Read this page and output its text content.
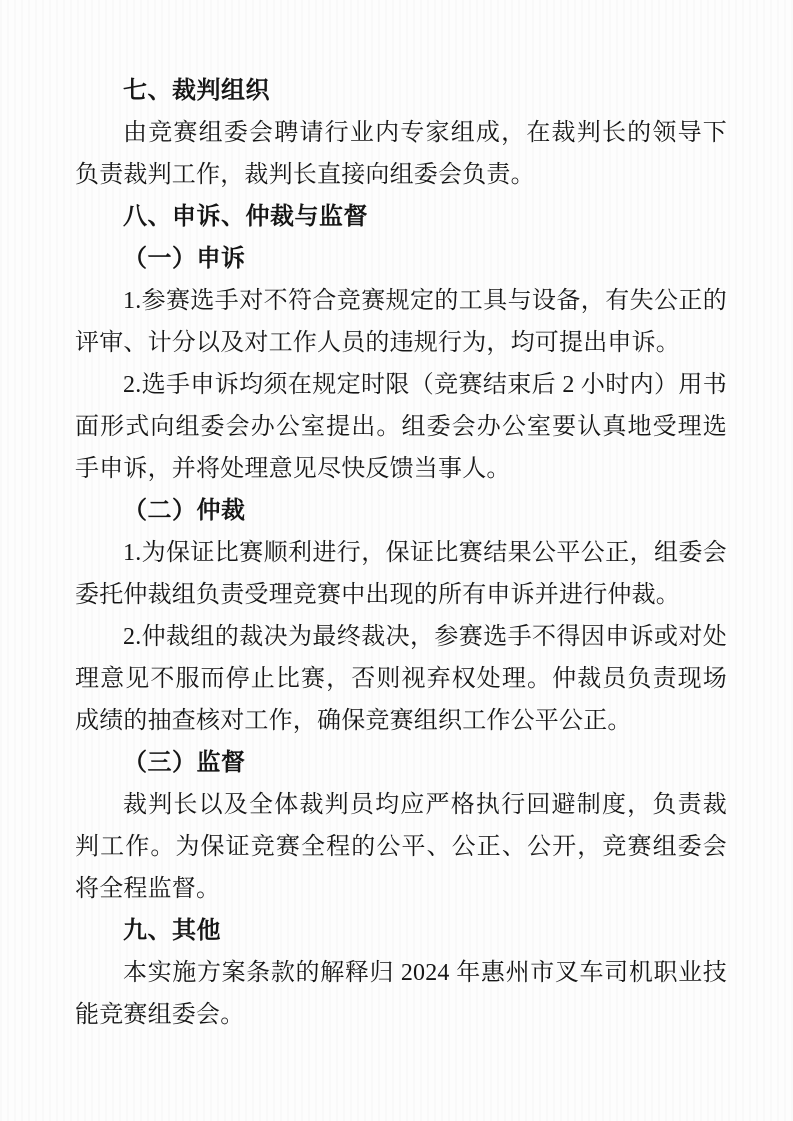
七、裁判组织

由竞赛组委会聘请行业内专家组成，在裁判长的领导下负责裁判工作，裁判长直接向组委会负责。

八、申诉、仲裁与监督

（一）申诉

1.参赛选手对不符合竞赛规定的工具与设备，有失公正的评审、计分以及对工作人员的违规行为，均可提出申诉。

2.选手申诉均须在规定时限（竞赛结束后 2 小时内）用书面形式向组委会办公室提出。组委会办公室要认真地受理选手申诉，并将处理意见尽快反馈当事人。

（二）仲裁

1.为保证比赛顺利进行，保证比赛结果公平公正，组委会委托仲裁组负责受理竞赛中出现的所有申诉并进行仲裁。

2.仲裁组的裁决为最终裁决，参赛选手不得因申诉或对处理意见不服而停止比赛，否则视弃权处理。仲裁员负责现场成绩的抽查核对工作，确保竞赛组织工作公平公正。

（三）监督

裁判长以及全体裁判员均应严格执行回避制度，负责裁判工作。为保证竞赛全程的公平、公正、公开，竞赛组委会将全程监督。

九、其他

本实施方案条款的解释归 2024 年惠州市叉车司机职业技能竞赛组委会。
